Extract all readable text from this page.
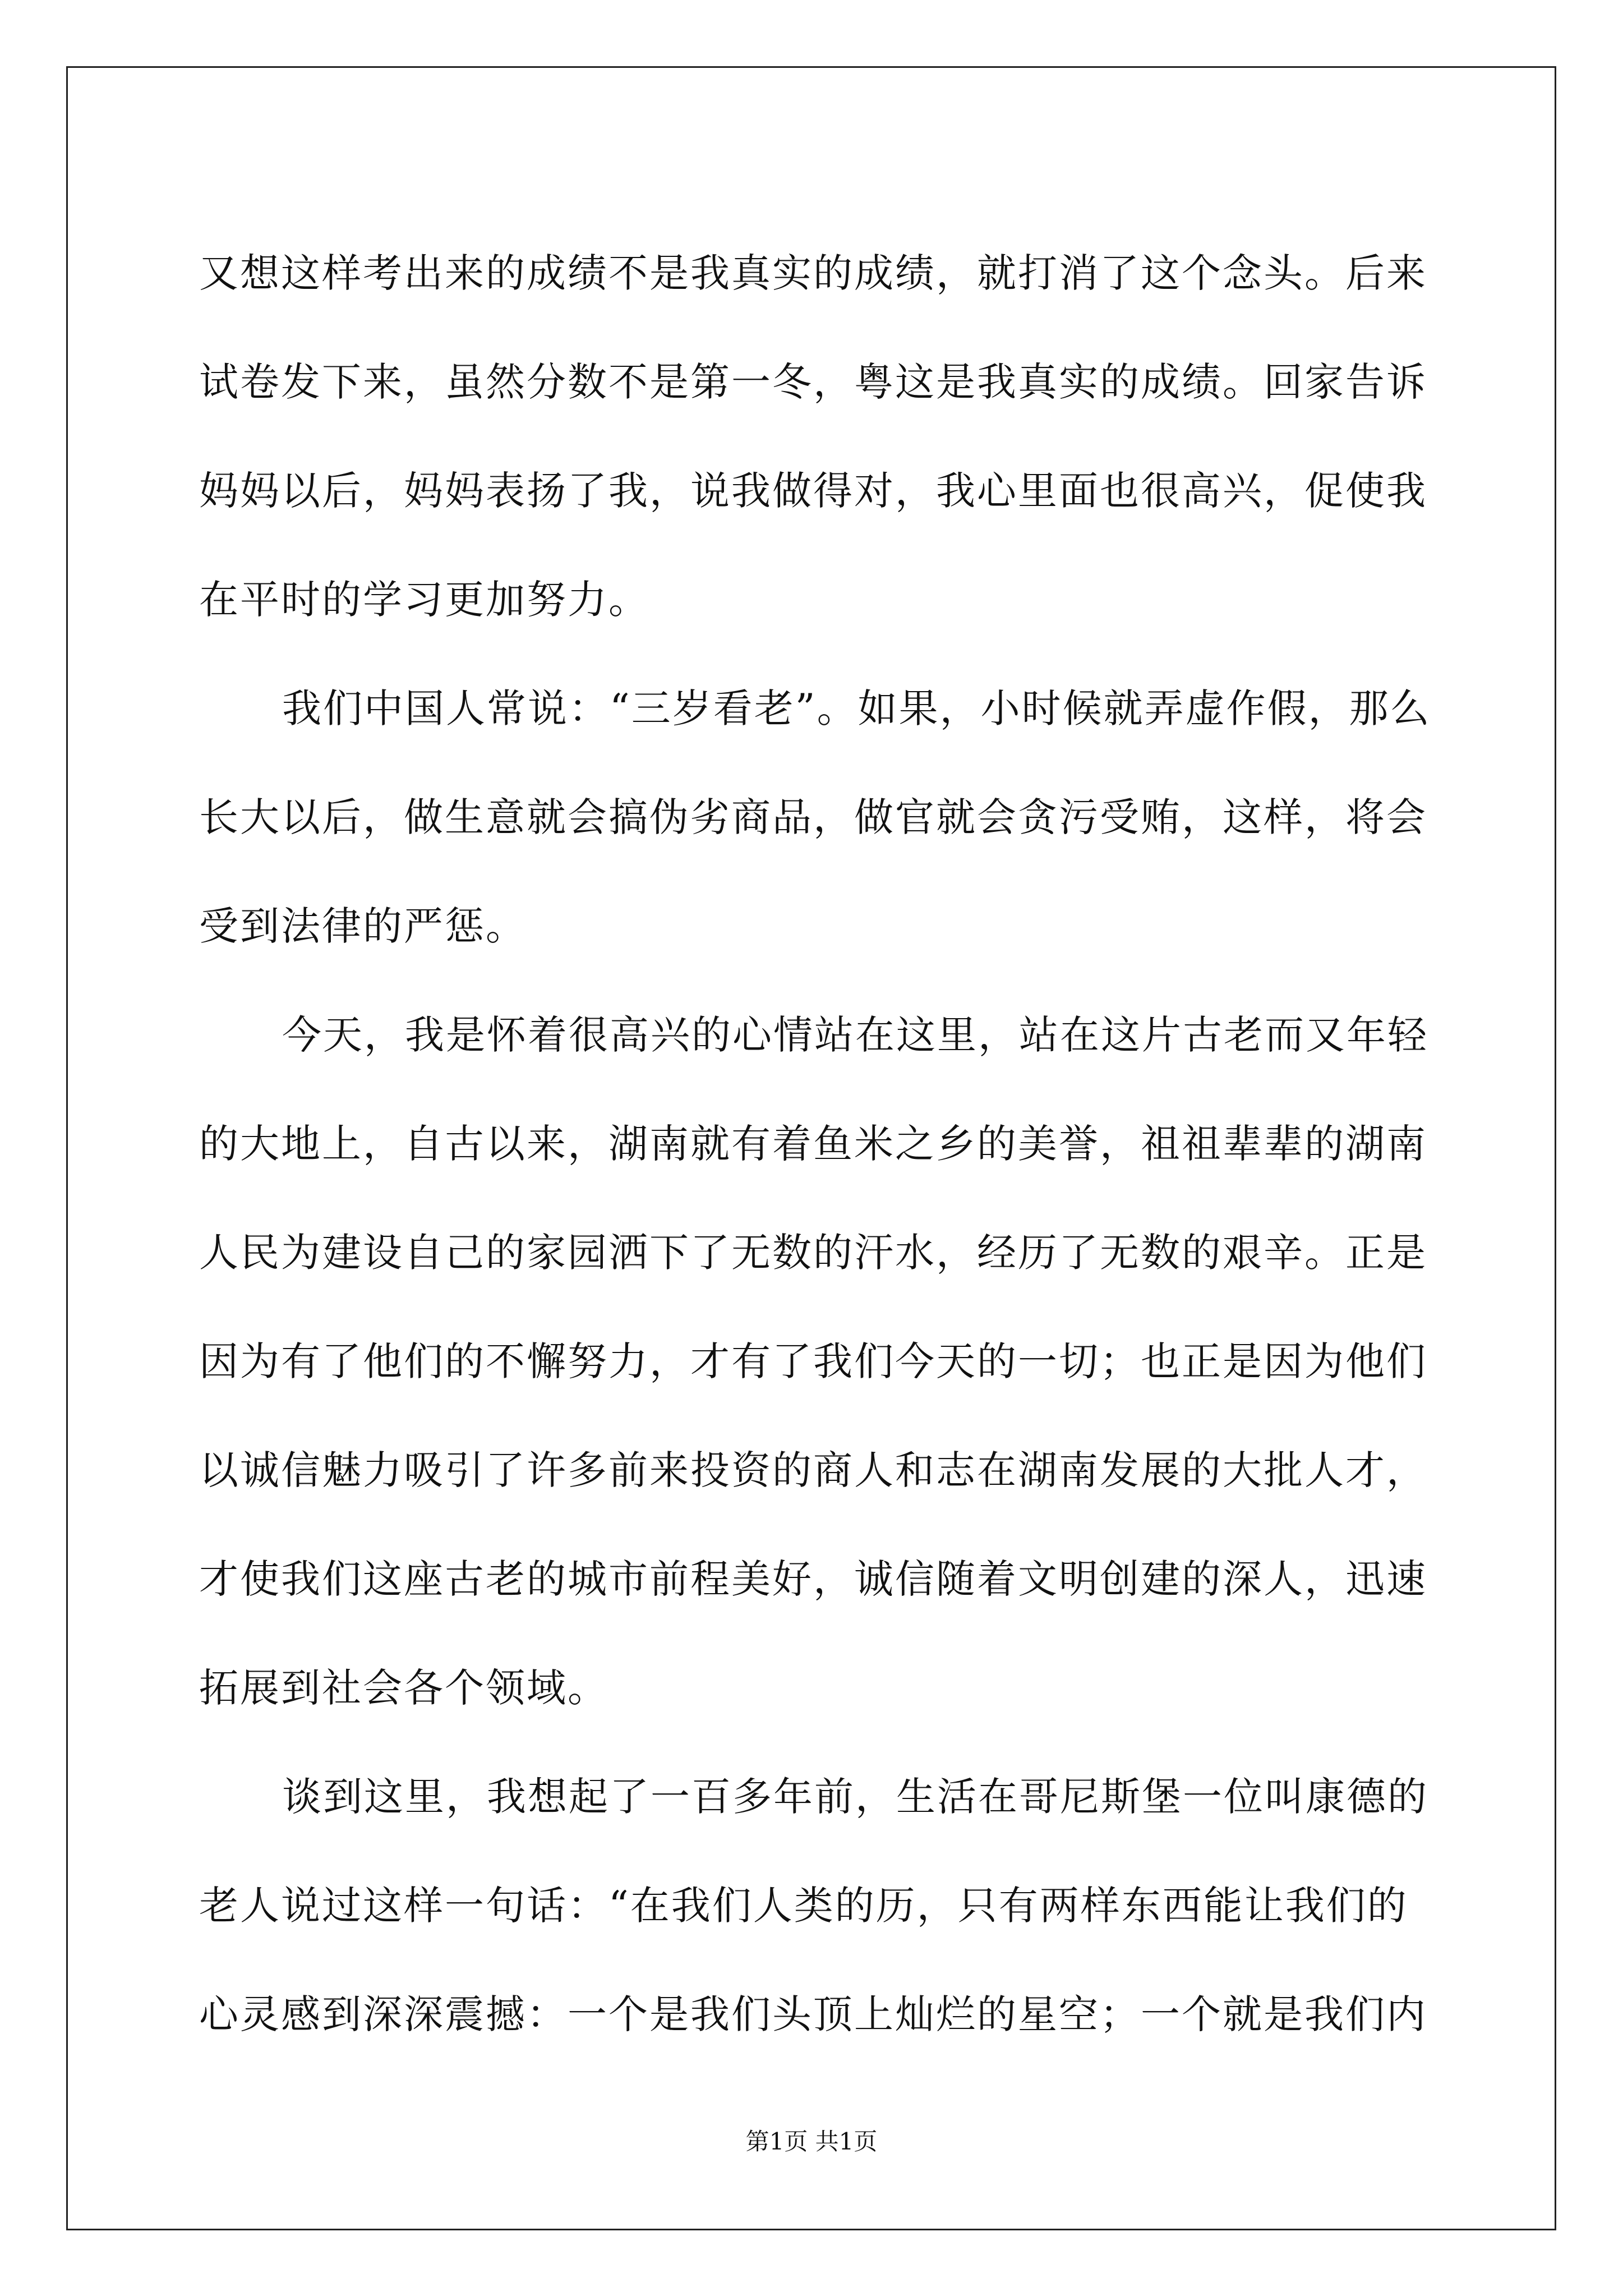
又想这样考出来的成绩不是我真实的成绩，就打消了这个念头。后来
试卷发下来，虽然分数不是第一冬，粤这是我真实的成绩。回家告诉
妈妈以后，妈妈表扬了我，说我做得对，我心里面也很高兴，促使我
在平时的学习更加努力。
我们中国人常说：“三岁看老”。如果，小时候就弄虚作假，那么
长大以后，做生意就会搞伪劣商品，做官就会贪污受贿，这样，将会
受到法律的严惩。
今天，我是怀着很高兴的心情站在这里，站在这片古老而又年轻
的大地上，自古以来，湖南就有着鱼米之乡的美誉，祖祖辈辈的湖南
人民为建设自己的家园洒下了无数的汗水，经历了无数的艰辛。正是
因为有了他们的不懈努力，才有了我们今天的一切；也正是因为他们
以诚信魅力吸引了许多前来投资的商人和志在湖南发展的大批人才，
才使我们这座古老的城市前程美好，诚信随着文明创建的深人，迅速
拓展到社会各个领域。
谈到这里，我想起了一百多年前，生活在哥尼斯堡一位叫康德的
老人说过这样一句话：“在我们人类的历，只有两样东西能让我们的
心灵感到深深震撼：一个是我们头顶上灿烂的星空；一个就是我们内
第1页 共1页
